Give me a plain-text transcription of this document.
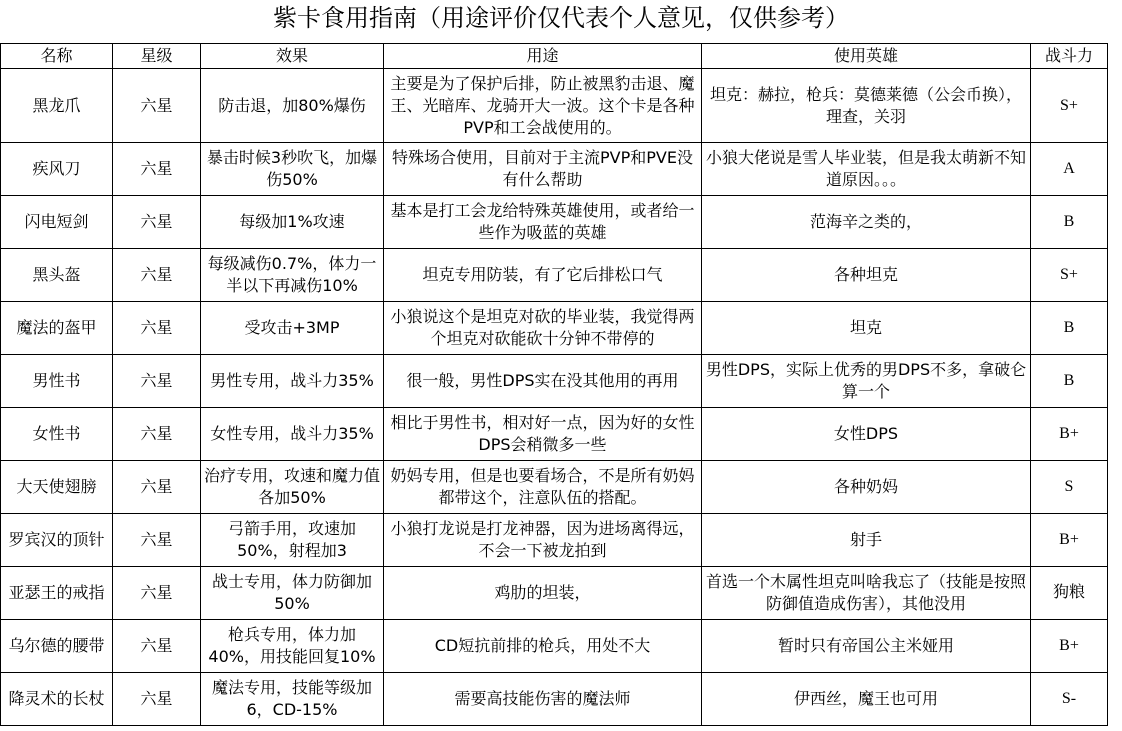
紫卡食用指南（用途评价仅代表个人意见，仅供参考）
名称	星级	效果	用途	使用英雄	战斗力
黑龙爪	六星	防击退，加80%爆伤	主要是为了保护后排，防止被黑豹击退、魔王、光暗库、龙骑开大一波。这个卡是各种PVP和工会战使用的。	坦克：赫拉，枪兵：莫德莱德（公会币换），理查，关羽	S+
疾风刀	六星	暴击时候3秒吹飞，加爆伤50%	特殊场合使用，目前对于主流PVP和PVE没有什么帮助	小狼大佬说是雪人毕业装，但是我太萌新不知道原因。。。	A
闪电短剑	六星	每级加1%攻速	基本是打工会龙给特殊英雄使用，或者给一些作为吸蓝的英雄	范海辛之类的，	B
黑头盔	六星	每级减伤0.7%，体力一半以下再减伤10%	坦克专用防装，有了它后排松口气	各种坦克	S+
魔法的盔甲	六星	受攻击+3MP	小狼说这个是坦克对砍的毕业装，我觉得两个坦克对砍能砍十分钟不带停的	坦克	B
男性书	六星	男性专用，战斗力35%	很一般，男性DPS实在没其他用的再用	男性DPS，实际上优秀的男DPS不多，拿破仑算一个	B
女性书	六星	女性专用，战斗力35%	相比于男性书，相对好一点，因为好的女性DPS会稍微多一些	女性DPS	B+
大天使翅膀	六星	治疗专用，攻速和魔力值各加50%	奶妈专用，但是也要看场合，不是所有奶妈都带这个，注意队伍的搭配。	各种奶妈	S
罗宾汉的顶针	六星	弓箭手用，攻速加50%，射程加3	小狼打龙说是打龙神器，因为进场离得远，不会一下被龙拍到	射手	B+
亚瑟王的戒指	六星	战士专用，体力防御加50%	鸡肋的坦装，	首选一个木属性坦克叫啥我忘了（技能是按照防御值造成伤害），其他没用	狗粮
乌尔德的腰带	六星	枪兵专用，体力加40%，用技能回复10%	CD短抗前排的枪兵，用处不大	暂时只有帝国公主米娅用	B+
降灵术的长杖	六星	魔法专用，技能等级加6，CD-15%	需要高技能伤害的魔法师	伊西丝，魔王也可用	S-
